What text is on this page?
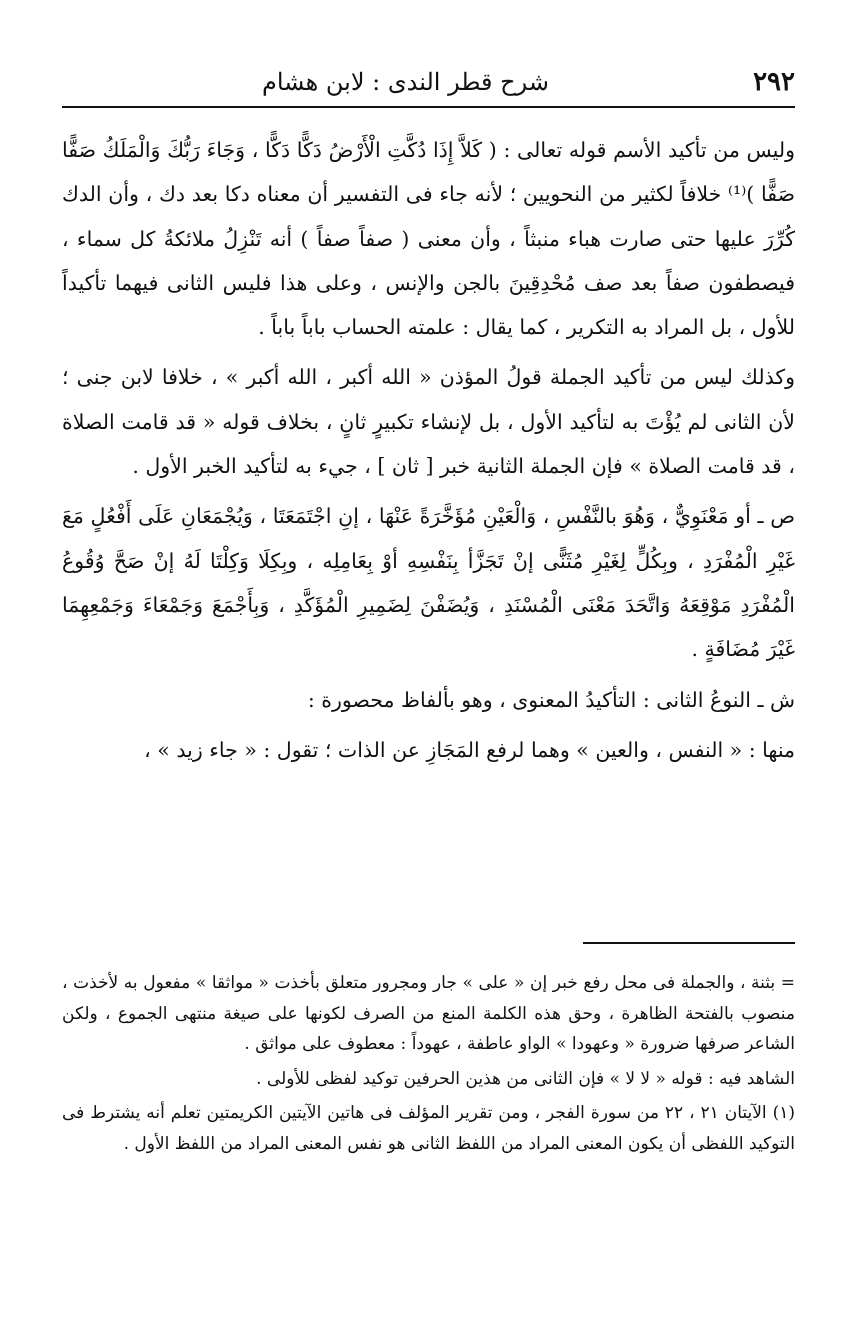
٢٩٢
شرح قطر الندى : لابن هشام

وليس من تأكيد الأسم قوله تعالى : ( كَلاَّ إِذَا دُكَّتِ الْأَرْضُ دَكًّا دَكًّا ، وَجَاءَ رَبُّكَ وَالْمَلَكُ صَفًّا صَفًّا )⁽¹⁾ خلافاً لكثير من النحويين ؛ لأنه جاء فى التفسير أن معناه دكا بعد دك ، وأن الدك كُرِّرَ عليها حتى صارت هباء منبثاً ، وأن معنى ( صفاً صفاً ) أنه تَنْزِلُ ملائكةُ كل سماء ، فيصطفون صفاً بعد صف مُحْدِقِينَ بالجن والإنس ، وعلى هذا فليس الثانى فيهما تأكيداً للأول ، بل المراد به التكرير ، كما يقال : علمته الحساب باباً باباً .

وكذلك ليس من تأكيد الجملة قولُ المؤذن « الله أكبر ، الله أكبر » ، خلافا لابن جنى ؛ لأن الثانى لم يُؤْتَ به لتأكيد الأول ، بل لإنشاء تكبيرٍ ثانٍ ، بخلاف قوله « قد قامت الصلاة ، قد قامت الصلاة » فإن الجملة الثانية خبر [ ثان ] ، جيء به لتأكيد الخبر الأول .

ص ـ أو مَعْنَوِيٌّ ، وَهُوَ بالنَّفْسِ ، وَالْعَيْنِ مُؤَخَّرَةً عَنْهَا ، إنِ اجْتَمَعَتَا ، وَيُجْمَعَانِ عَلَى أَفْعُلٍ مَعَ غَيْرِ الْمُفْرَدِ ، وبِكُلٍّ لِغَيْرِ مُثَنًّى إنْ تَجَزَّأ بِنَفْسِهِ أوْ بِعَامِلِه ، وبِكِلَا وَكِلْتَا لَهُ إنْ صَحَّ وُقُوعُ الْمُفْرَدِ مَوْقِعَهُ وَاتَّحَدَ مَعْنَى الْمُسْنَدِ ، وَيُضَفْنَ لِضَمِيرِ الْمُؤَكَّدِ ، وَبِأَجْمَعَ وَجَمْعَاءَ وَجَمْعِهِمَا غَيْرَ مُضَافَةٍ .

ش ـ النوعُ الثانى : التأكيدُ المعنوى ، وهو بألفاظ محصورة :

منها : « النفس ، والعين » وهما لرفع المَجَازِ عن الذات ؛ تقول : « جاء زيد » ،

= بثنة ، والجملة فى محل رفع خبر إن « على » جار ومجرور متعلق بأخذت « مواثقا » مفعول به لأخذت ، منصوب بالفتحة الظاهرة ، وحق هذه الكلمة المنع من الصرف لكونها على صيغة منتهى الجموع ، ولكن الشاعر صرفها ضرورة « وعهودا » الواو عاطفة ، عهوداً : معطوف على مواثق .

الشاهد فيه : قوله « لا لا » فإن الثانى من هذين الحرفين توكيد لفظى للأولى .

(١) الآيتان ٢١ ، ٢٢ من سورة الفجر ، ومن تقرير المؤلف فى هاتين الآيتين الكريمتين تعلم أنه يشترط فى التوكيد اللفظى أن يكون المعنى المراد من اللفظ الثانى هو نفس المعنى المراد من اللفظ الأول .
